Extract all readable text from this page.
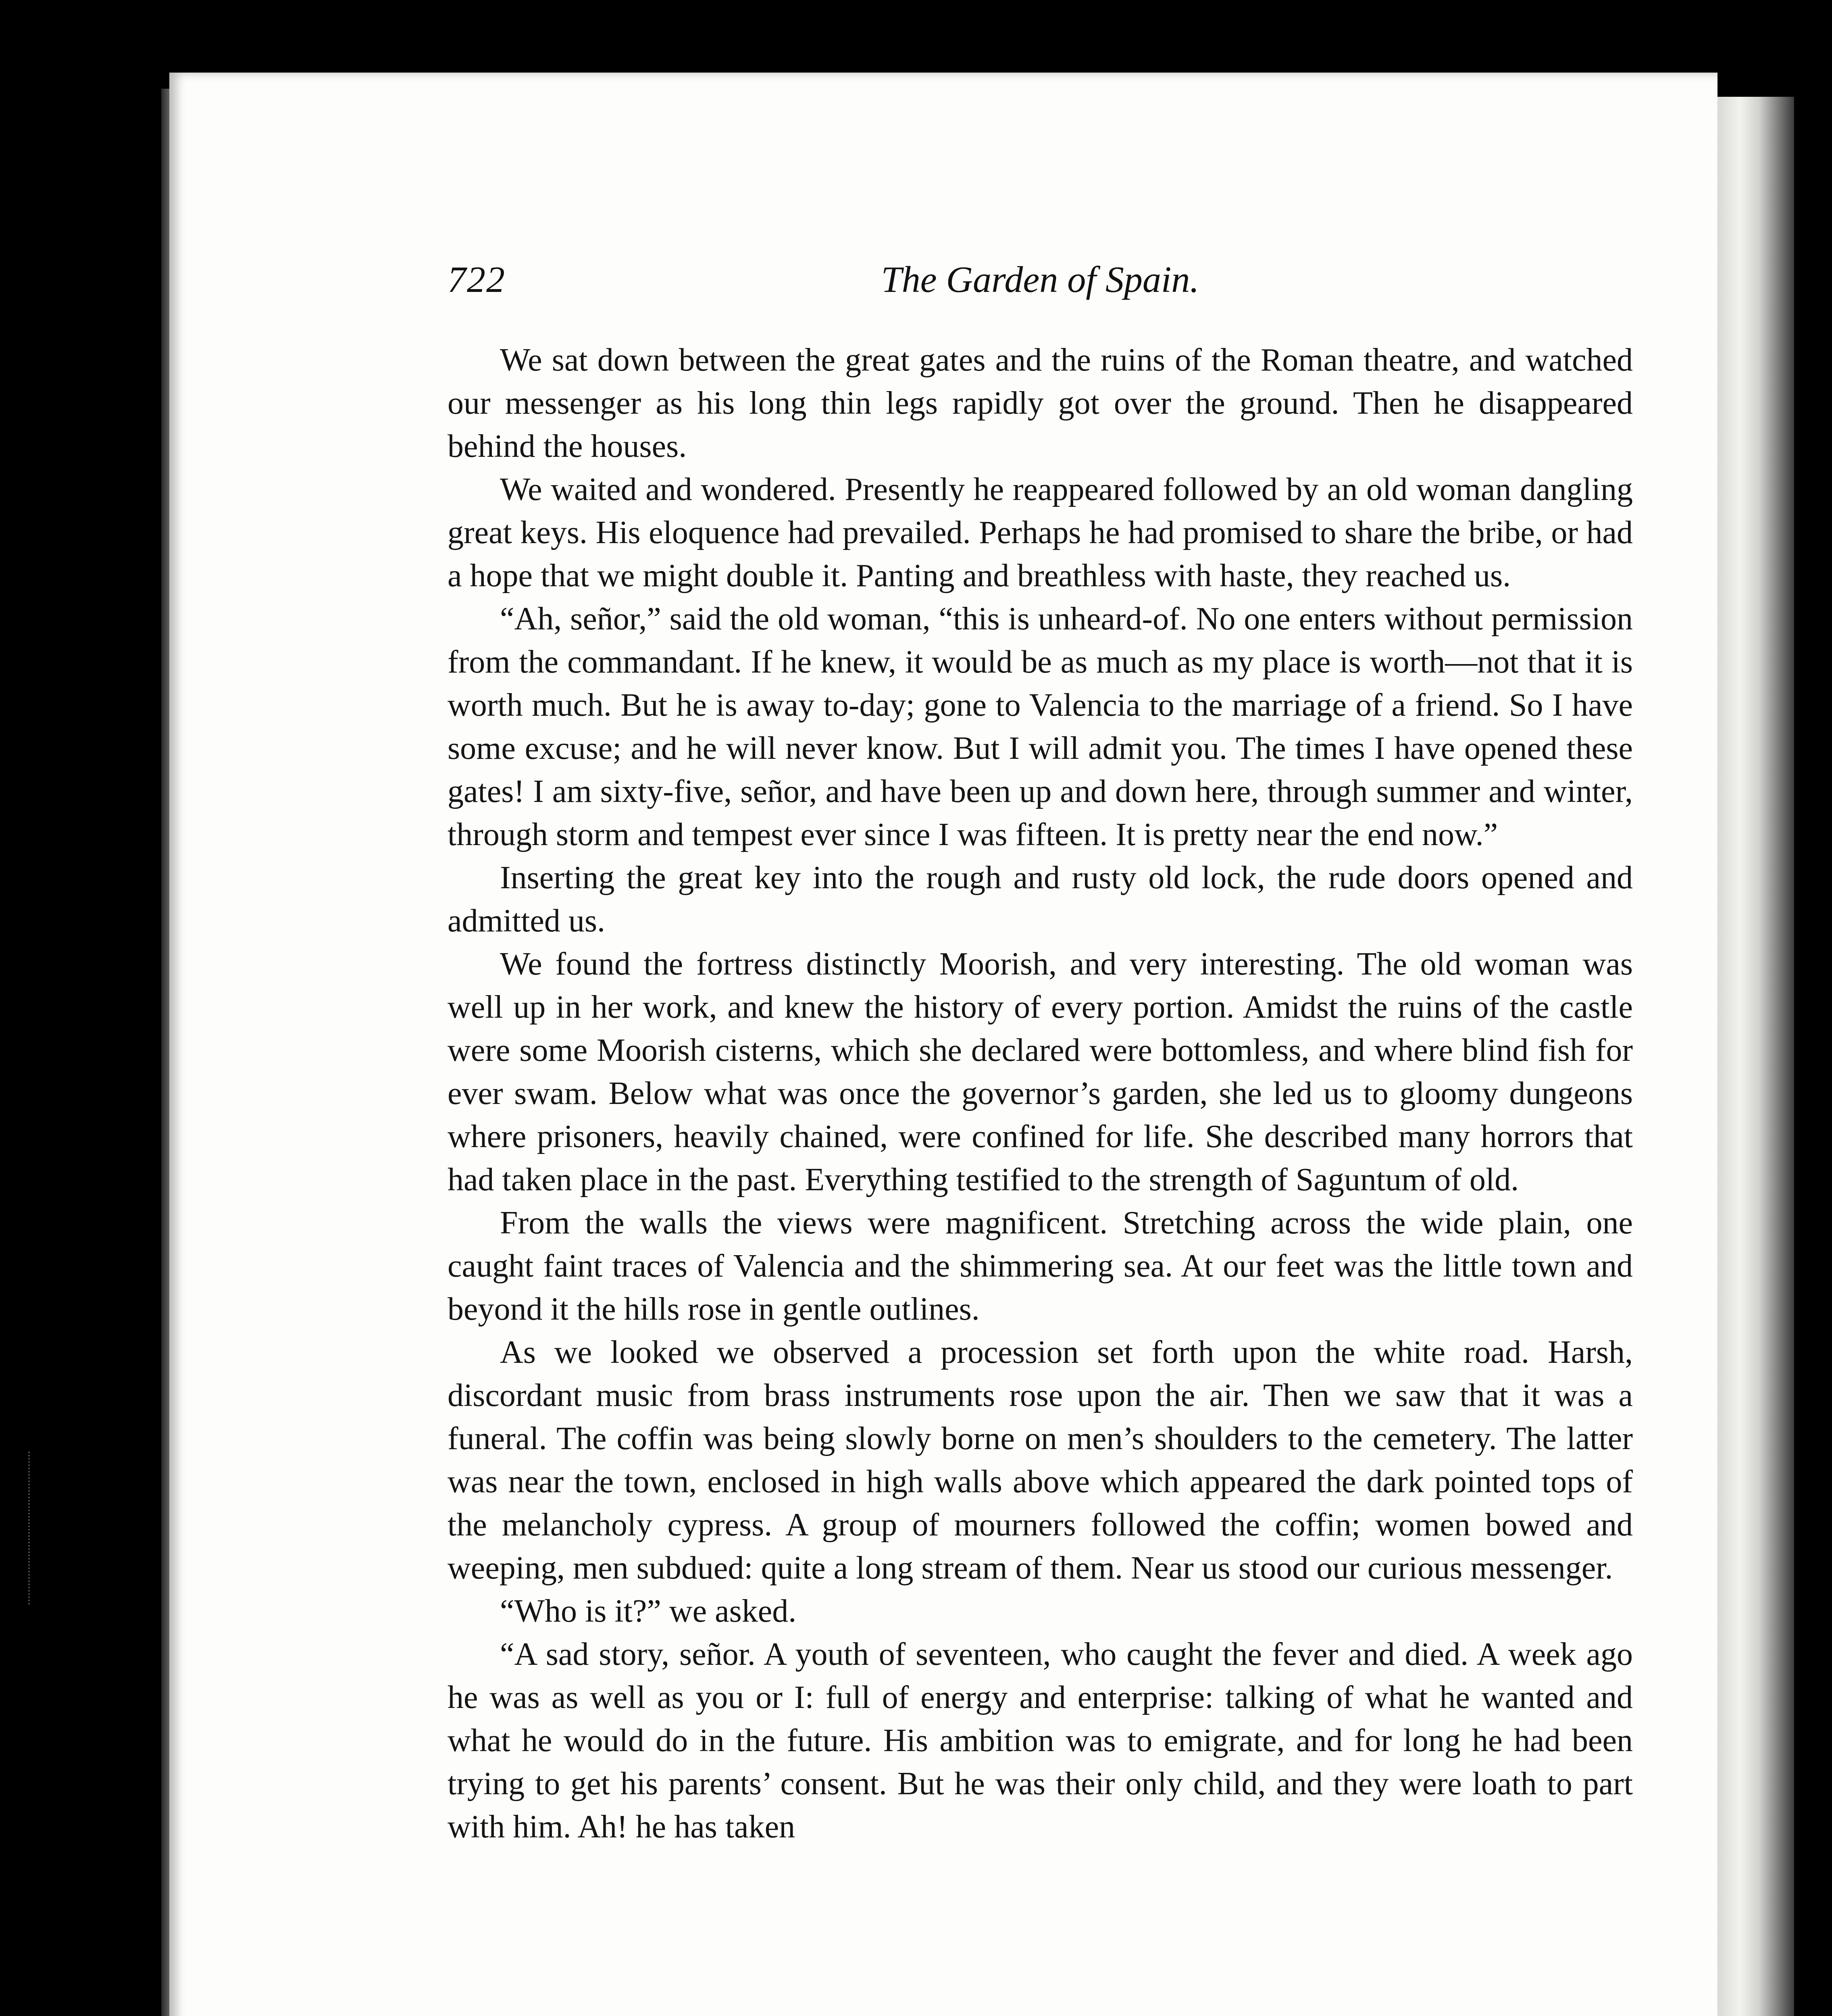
722	The Garden of Spain.

We sat down between the great gates and the ruins of the Roman theatre, and watched our messenger as his long thin legs rapidly got over the ground. Then he disappeared behind the houses.

We waited and wondered. Presently he reappeared followed by an old woman dangling great keys. His eloquence had prevailed. Perhaps he had promised to share the bribe, or had a hope that we might double it. Panting and breathless with haste, they reached us.

“Ah, señor,” said the old woman, “this is unheard-of. No one enters without permission from the commandant. If he knew, it would be as much as my place is worth—not that it is worth much. But he is away to-day; gone to Valencia to the marriage of a friend. So I have some excuse; and he will never know. But I will admit you. The times I have opened these gates! I am sixty-five, señor, and have been up and down here, through summer and winter, through storm and tempest ever since I was fifteen. It is pretty near the end now.”

Inserting the great key into the rough and rusty old lock, the rude doors opened and admitted us.

We found the fortress distinctly Moorish, and very interesting. The old woman was well up in her work, and knew the history of every portion. Amidst the ruins of the castle were some Moorish cisterns, which she declared were bottomless, and where blind fish for ever swam. Below what was once the governor’s garden, she led us to gloomy dungeons where prisoners, heavily chained, were confined for life. She described many horrors that had taken place in the past. Everything testified to the strength of Saguntum of old.

From the walls the views were magnificent. Stretching across the wide plain, one caught faint traces of Valencia and the shimmering sea. At our feet was the little town and beyond it the hills rose in gentle outlines.

As we looked we observed a procession set forth upon the white road. Harsh, discordant music from brass instruments rose upon the air. Then we saw that it was a funeral. The coffin was being slowly borne on men’s shoulders to the cemetery. The latter was near the town, enclosed in high walls above which appeared the dark pointed tops of the melancholy cypress. A group of mourners followed the coffin; women bowed and weeping, men subdued: quite a long stream of them. Near us stood our curious messenger.

“Who is it?” we asked.

“A sad story, señor. A youth of seventeen, who caught the fever and died. A week ago he was as well as you or I: full of energy and enterprise: talking of what he wanted and what he would do in the future. His ambition was to emigrate, and for long he had been trying to get his parents’ consent. But he was their only child, and they were loath to part with him. Ah! he has taken
